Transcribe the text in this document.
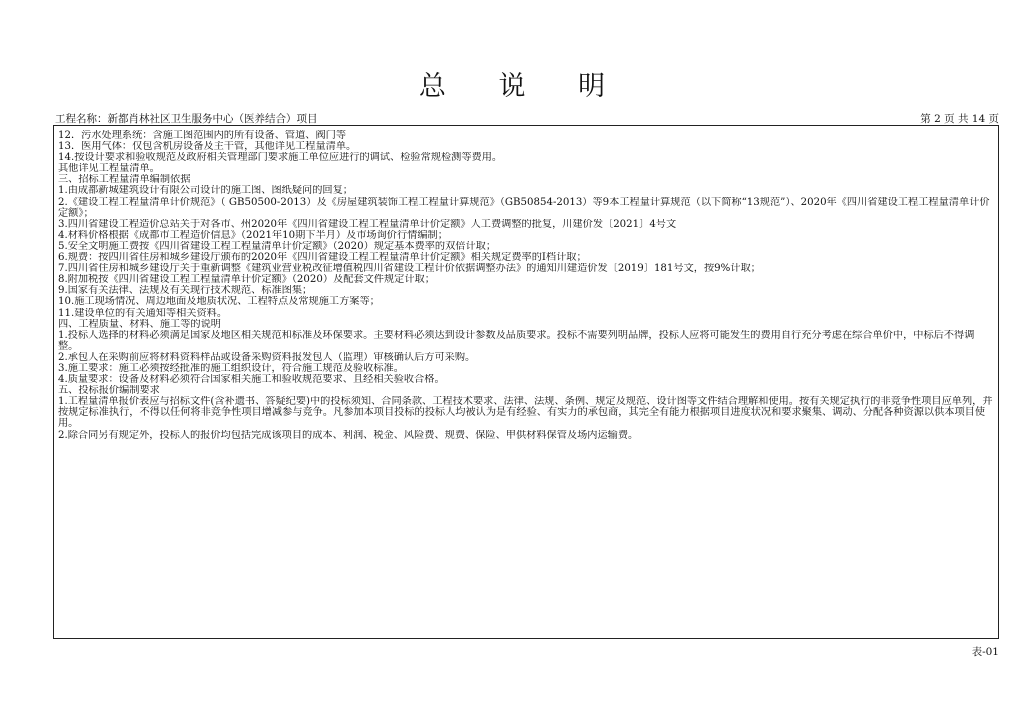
总 说 明
工程名称：新都肖林社区卫生服务中心（医养结合）项目	第 2 页 共 14 页
12．污水处理系统：含施工图范围内的所有设备、管道、阀门等
13．医用气体：仅包含机房设备及主干管，其他详见工程量清单。
14.按设计要求和验收规范及政府相关管理部门要求施工单位应进行的调试、检验常规检测等费用。
其他详见工程量清单。
三、招标工程量清单编制依据
1.由成都新城建筑设计有限公司设计的施工图、图纸疑问的回复；
2.《建设工程工程量清单计价规范》（ GB50500-2013）及《房屋建筑装饰工程工程量计算规范》（GB50854-2013）等9本工程量计算规范（以下简称“13规范”）、2020年《四川省建设工程工程量清单计价定额》；
3.四川省建设工程造价总站关于对各市、州2020年《四川省建设工程工程量清单计价定额》人工费调整的批复，川建价发〔2021〕4号文
4.材料价格根据《成都市工程造价信息》（2021年10期下半月）及市场询价行情编制；
5.安全文明施工费按《四川省建设工程工程量清单计价定额》（2020）规定基本费率的双倍计取；
6.规费：按四川省住房和城乡建设厅颁布的2020年《四川省建设工程工程量清单计价定额》相关规定费率的Ⅰ档计取；
7.四川省住房和城乡建设厅关于重新调整《建筑业营业税改征增值税四川省建设工程计价依据调整办法》的通知川建造价发〔2019〕181号文，按9%计取；
8.附加税按《四川省建设工程工程量清单计价定额》（2020）及配套文件规定计取；
9.国家有关法律、法规及有关现行技术规范、标准图集；
10.施工现场情况、周边地面及地质状况、工程特点及常规施工方案等；
11.建设单位的有关通知等相关资料。
四、工程质量、材料、施工等的说明
1.投标人选择的材料必须满足国家及地区相关规范和标准及环保要求。主要材料必须达到设计参数及品质要求。投标不需要列明品牌，投标人应将可能发生的费用自行充分考虑在综合单价中，中标后不得调整。
2.承包人在采购前应将材料资料样品或设备采购资料报发包人（监理）审核确认后方可采购。
3.施工要求：施工必须按经批准的施工组织设计，符合施工规范及验收标准。
4.质量要求：设备及材料必须符合国家相关施工和验收规范要求、且经相关验收合格。
五、投标报价编制要求
1.工程量清单报价表应与招标文件(含补遗书、答疑纪要)中的投标须知、合同条款、工程技术要求、法律、法规、条例、规定及规范、设计图等文件结合理解和使用。按有关规定执行的非竞争性项目应单列，并按规定标准执行，不得以任何将非竞争性项目增减参与竞争。凡参加本项目投标的投标人均被认为是有经验、有实力的承包商，其完全有能力根据项目进度状况和要求聚集、调动、分配各种资源以供本项目使用。
2.除合同另有规定外，投标人的报价均包括完成该项目的成本、利润、税金、风险费、规费、保险、甲供材料保管及场内运输费。
表-01
